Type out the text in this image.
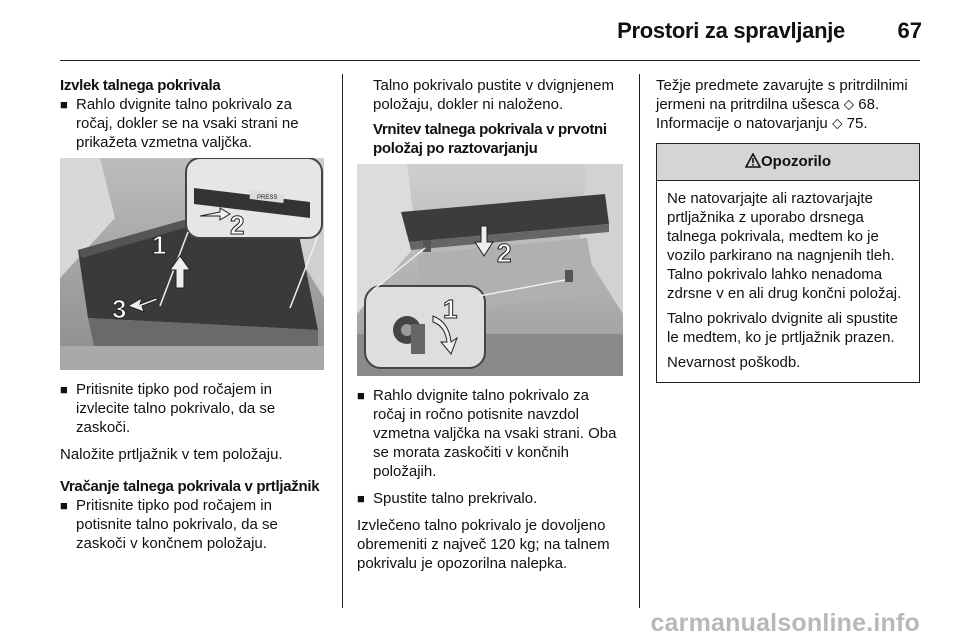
Prostori za spravljanje 67

Izvlek talnega pokrivala

■ Rahlo dvignite talno pokrivalo za ročaj, dokler se na vsaki strani ne prikažeta vzmetna valjčka.

PRESS
1
2
3

■ Pritisnite tipko pod ročajem in izvlecite talno pokrivalo, da se zaskoči.

Naložite prtljažnik v tem položaju.

Vračanje talnega pokrivala v prtljažnik

■ Pritisnite tipko pod ročajem in potisnite talno pokrivalo, da se zaskoči v končnem položaju.

Talno pokrivalo pustite v dvignjenem položaju, dokler ni naloženo.

Vrnitev talnega pokrivala v prvotni položaj po raztovarjanju

2
1

■ Rahlo dvignite talno pokrivalo za ročaj in ročno potisnite navzdol vzmetna valjčka na vsaki strani. Oba se morata zaskočiti v končnih položajih.

■ Spustite talno prekrivalo.

Izvlečeno talno pokrivalo je dovoljeno obremeniti z največ 120 kg; na talnem pokrivalu je opozorilna nalepka.

Težje predmete zavarujte s pritrdilnimi jermeni na pritrdilna ušesca ⬦ 68. Informacije o natovarjanju ⬦ 75.

Opozorilo

Ne natovarjajte ali raztovarjajte prtljažnika z uporabo drsnega talnega pokrivala, medtem ko je vozilo parkirano na nagnjenih tleh. Talno pokrivalo lahko nenadoma zdrsne v en ali drug končni položaj.

Talno pokrivalo dvignite ali spustite le medtem, ko je prtljažnik prazen.

Nevarnost poškodb.

carmanualsonline.info
